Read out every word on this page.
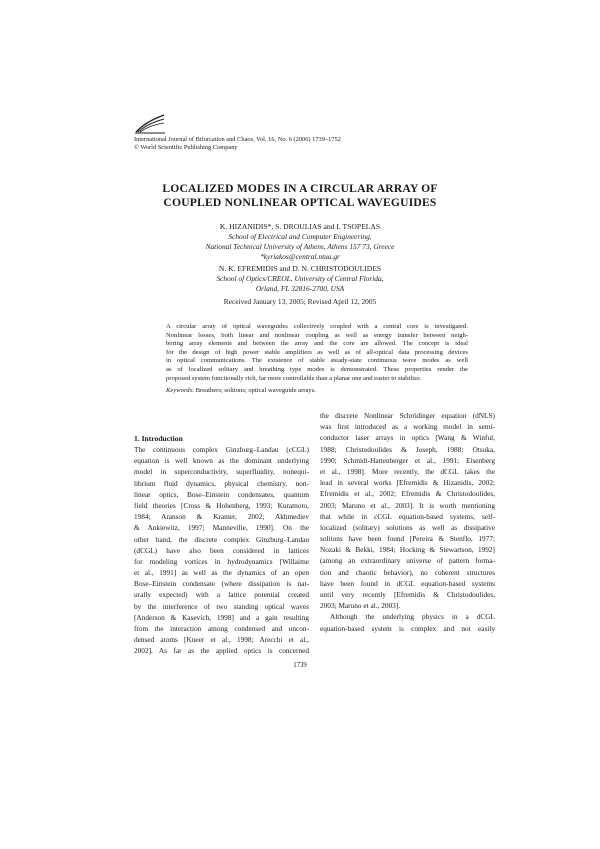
International Journal of Bifurcation and Chaos, Vol. 16, No. 6 (2006) 1739–1752
© World Scientific Publishing Company
LOCALIZED MODES IN A CIRCULAR ARRAY OF
COUPLED NONLINEAR OPTICAL WAVEGUIDES
K. HIZANIDIS*, S. DROULIAS and I. TSOPELAS
School of Electrical and Computer Engineering,
National Technical University of Athens, Athens 157 73, Greece
*kyriakos@central.ntua.gr
N. K. EFREMIDIS and D. N. CHRISTODOULIDES
School of Optics/CREOL, University of Central Florida,
Orland, FL 32816-2700, USA
Received January 13, 2005; Revised April 12, 2005
A circular array of optical waveguides collectively coupled with a central core is investigated.
Nonlinear losses, both linear and nonlinear coupling as well as energy transfer between neigh-
boring array elements and between the array and the core are allowed. The concept is ideal
for the design of high power stable amplifiers as well as of all-optical data processing devices
in optical communications. The existence of stable steady-state continuous wave modes as well
as of localized solitary and breathing type modes is demonstrated. These properties render the
proposed system functionally rich, far more controllable than a planar one and easier to stabilize.
Keywords: Breathers; solitons; optical waveguide arrays.
1. Introduction
The continuous complex Ginzburg–Landau (cCGL)
equation is well known as the dominant underlying
model in superconductivity, superfluidity, nonequi-
librium fluid dynamics, physical chemistry, non-
linear optics, Bose–Einstein condensates, quantum
field theories [Cross & Hohenberg, 1993; Kuramoto,
1984; Aranson & Kramer, 2002; Akhmediev
& Ankiewitz, 1997; Manneville, 1990]. On the
other hand, the discrete complex Ginzburg–Landau
(dCGL) have also been considered in lattices
for modeling vortices in hydrodynamics [Willaime
et al., 1991] as well as the dynamics of an open
Bose–Einstein condensate (where dissipation is nat-
urally expected) with a lattice potential created
by the interference of two standing optical waves
[Anderson & Kasevich, 1998] and a gain resulting
from the interaction among condensed and uncon-
densed atoms [Kneer et al., 1998; Arecchi et al.,
2002]. As far as the applied optics is concerned
the discrete Nonlinear Schrödinger equation (dNLS)
was first introduced as a working model in semi-
conductor laser arrays in optics [Wang & Winful,
1988; Christodoulides & Joseph, 1988; Otsuka,
1990; Schmidt-Hattenberger et al., 1991; Eisenberg
et al., 1998]. More recently, the dCGL takes the
lead in several works [Efremidis & Hizanidis, 2002;
Efremidis et al., 2002; Efremidis & Christodoulides,
2003; Maruno et al., 2003]. It is worth mentioning
that while in cCGL equation-based systems, self-
localized (solitary) solutions as well as dissipative
solitons have been found [Pereira & Stenflo, 1977;
Nozaki & Bekki, 1984; Hocking & Stewartson, 1992]
(among an extraordinary universe of pattern forma-
tion and chaotic behavior), no coherent structures
have been found in dCGL equation-based systems
until very recently [Efremidis & Christodoulides,
2003; Maruno et al., 2003].
Although the underlying physics in a dCGL
equation-based system is complex and not easily
1739
